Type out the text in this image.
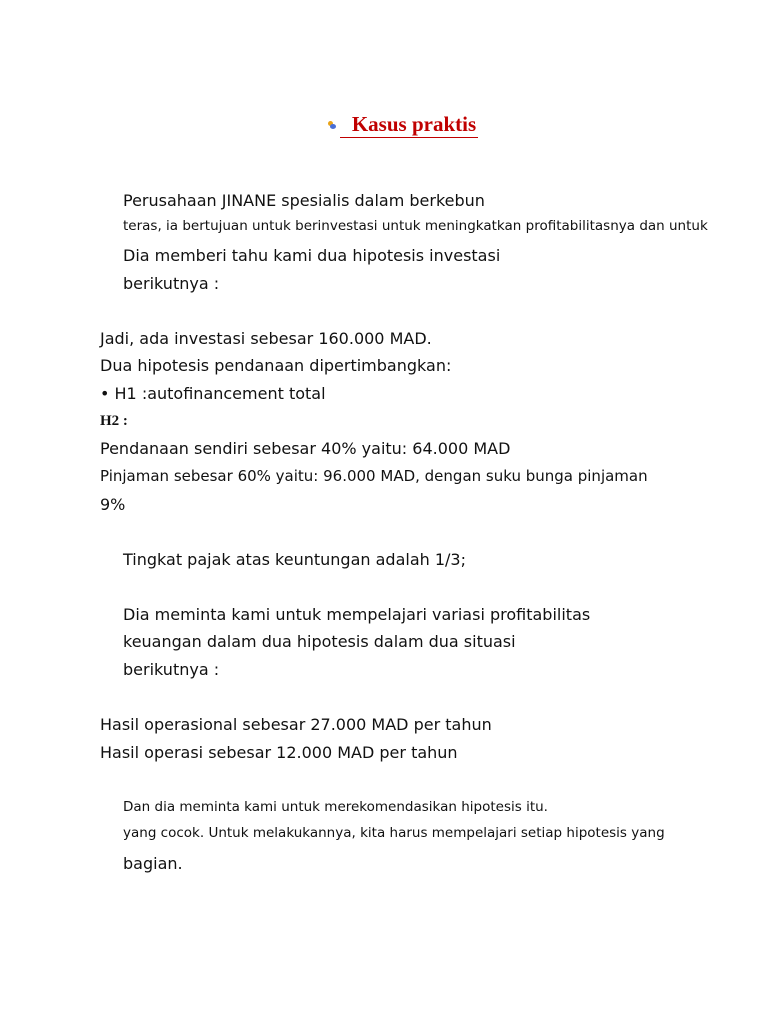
Kasus praktis
Perusahaan JINANE spesialis dalam berkebun
teras, ia bertujuan untuk berinvestasi untuk meningkatkan profitabilitasnya dan untuk
Dia memberi tahu kami dua hipotesis investasi
berikutnya :
Jadi, ada investasi sebesar 160.000 MAD.
Dua hipotesis pendanaan dipertimbangkan:
• H1 :autofinancement total
H2 :
Pendanaan sendiri sebesar 40% yaitu: 64.000 MAD
Pinjaman sebesar 60% yaitu: 96.000 MAD, dengan suku bunga pinjaman
9%
Tingkat pajak atas keuntungan adalah 1/3;
Dia meminta kami untuk mempelajari variasi profitabilitas
keuangan dalam dua hipotesis dalam dua situasi
berikutnya :
Hasil operasional sebesar 27.000 MAD per tahun
Hasil operasi sebesar 12.000 MAD per tahun
Dan dia meminta kami untuk merekomendasikan hipotesis itu.
yang cocok. Untuk melakukannya, kita harus mempelajari setiap hipotesis yang
bagian.
